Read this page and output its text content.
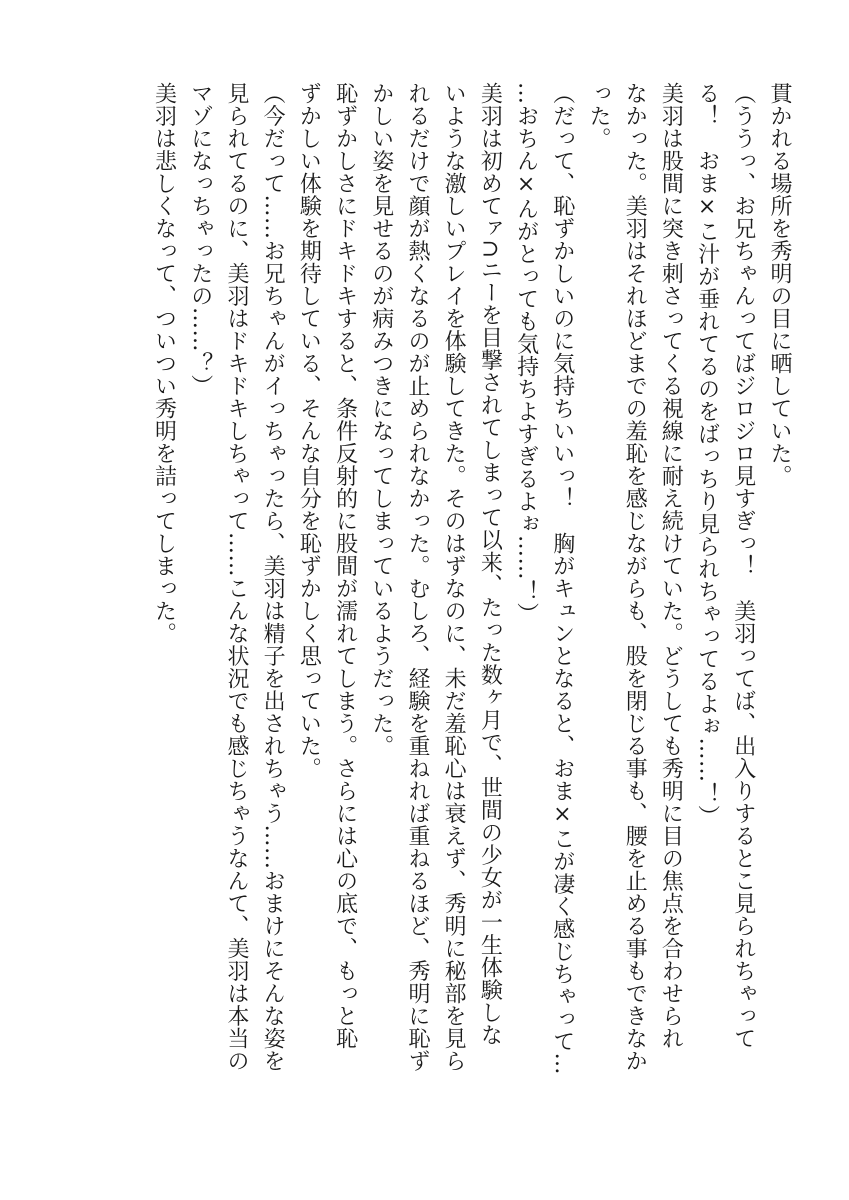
貫かれる場所を秀明の目に晒していた。
（ううっ、お兄ちゃんってばジロジロ見すぎっ！　美羽ってば、出入りするとこ見られちゃって
る！　おま×こ汁が垂れてるのをばっちり見られちゃってるよぉ……！）
美羽は股間に突き刺さってくる視線に耐え続けていた。どうしても秀明に目の焦点を合わせられ
なかった。美羽はそれほどまでの羞恥を感じながらも、股を閉じる事も、腰を止める事もできなか
った。
（だって、恥ずかしいのに気持ちいいっ！　胸がキュンとなると、おま×こが凄く感じちゃって…
…おちん×んがとっても気持ちよすぎるよぉ……！）
美羽は初めてァ∩ニーを目撃されてしまって以来、たった数ヶ月で、世間の少女が一生体験しな
いような激しいプレイを体験してきた。そのはずなのに、未だ羞恥心は衰えず、秀明に秘部を見ら
れるだけで顔が熱くなるのが止められなかった。むしろ、経験を重ねれば重ねるほど、秀明に恥ず
かしい姿を見せるのが病みつきになってしまっているようだった。
恥ずかしさにドキドキすると、条件反射的に股間が濡れてしまう。さらには心の底で、もっと恥
ずかしい体験を期待している、そんな自分を恥ずかしく思っていた。
（今だって……お兄ちゃんがイっちゃったら、美羽は精子を出されちゃう……おまけにそんな姿を
見られてるのに、美羽はドキドキしちゃって……こんな状況でも感じちゃうなんて、美羽は本当の
マゾになっちゃったの……？）
美羽は悲しくなって、ついつい秀明を詰ってしまった。
